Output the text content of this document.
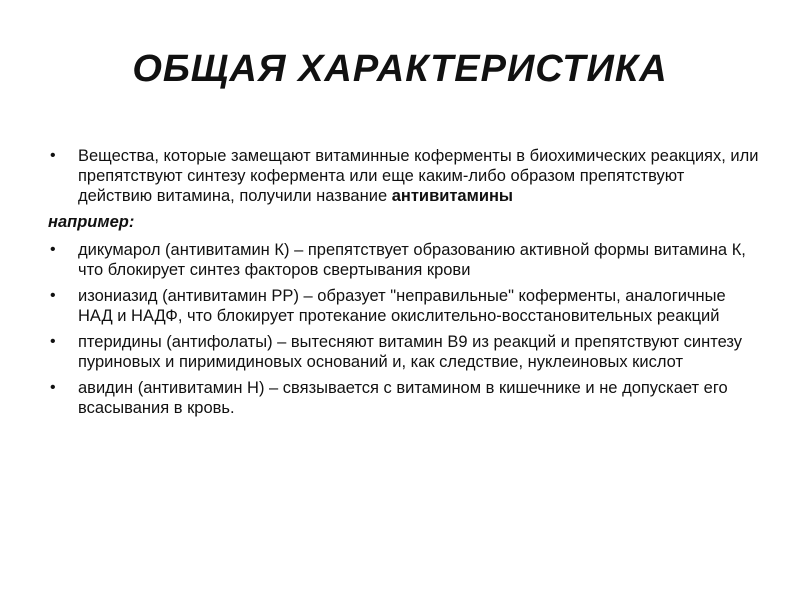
ОБЩАЯ ХАРАКТЕРИСТИКА
•	Вещества, которые замещают витаминные коферменты в биохимических реакциях, или препятствуют синтезу кофермента или еще каким-либо образом препятствуют действию витамина, получили название антивитамины
например:
•	дикумарол (антивитамин К) – препятствует образованию активной формы витамина К, что блокирует синтез факторов свертывания крови
•	изониазид (антивитамин РР) – образует "неправильные" коферменты, аналогичные НАД и НАДФ, что блокирует протекание окислительно-восстановительных реакций
•	птеридины (антифолаты) – вытесняют витамин В9 из реакций и препятствуют синтезу пуриновых и пиримидиновых оснований и, как следствие, нуклеиновых кислот
•	авидин (антивитамин Н) – связывается с витамином в кишечнике и не допускает его всасывания в кровь.
